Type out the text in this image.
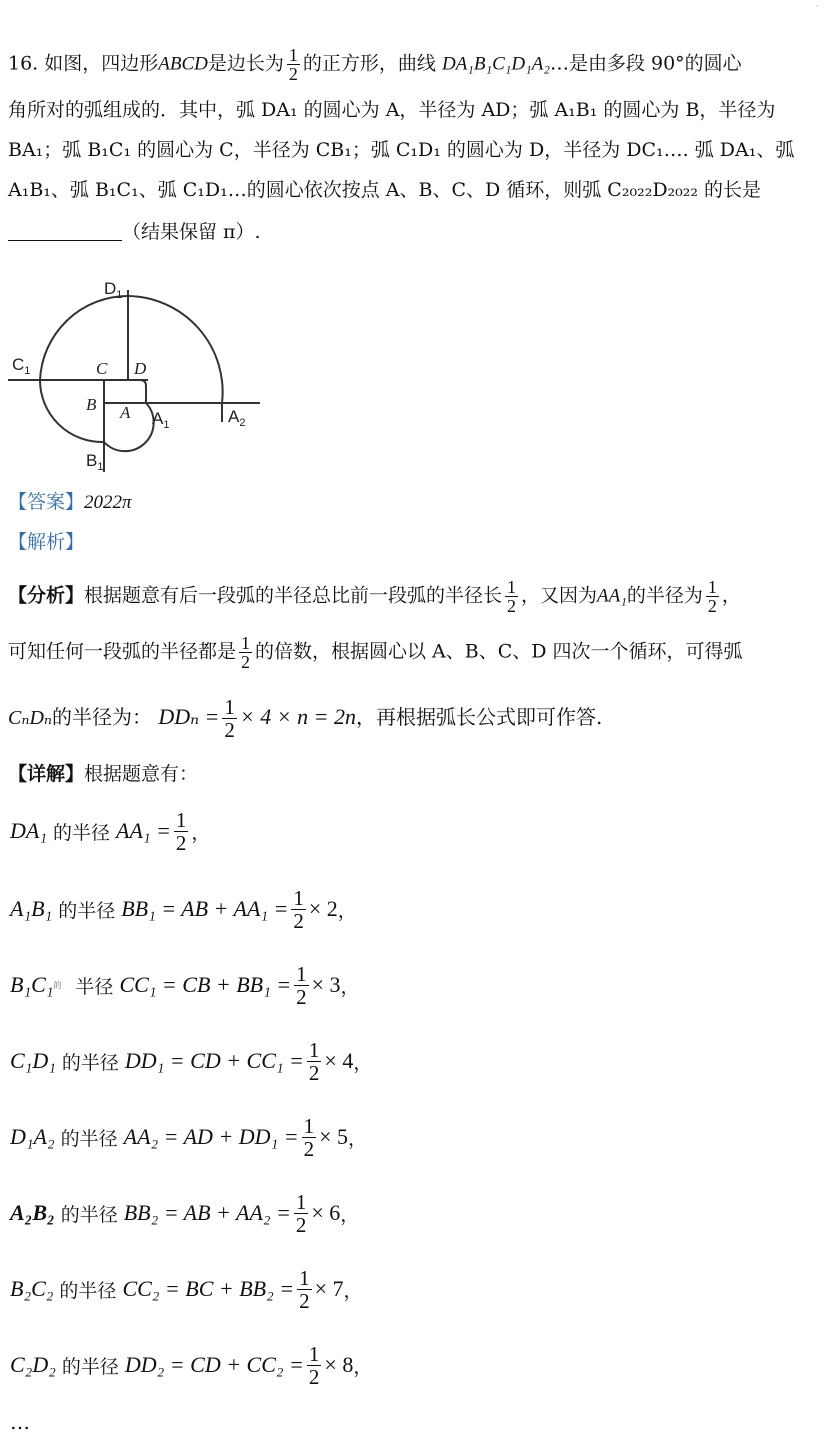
·
16. 如图，四边形ABCD是边长为 $\frac{1}{2}$ 的正方形，曲线 DA₁B₁C₁D₁A₂…是由多段 90°的圆心
角所对的弧组成的．其中，弧 DA₁ 的圆心为 A，半径为 AD；弧 A₁B₁ 的圆心为 B，半径为
BA₁；弧 B₁C₁ 的圆心为 C，半径为 CB₁；弧 C₁D₁ 的圆心为 D，半径为 DC₁…. 弧 DA₁、弧
A₁B₁、弧 B₁C₁、弧 C₁D₁…的圆心依次按点 A、B、C、D 循环，则弧 C₂₀₂₂D₂₀₂₂ 的长是
（结果保留 π）.
$D_1$
$C_1$
$B_1$
$A_1$	$A_2$
C D
B A
【答案】2022π
【解析】
【分析】根据题意有后一段弧的半径总比前一段弧的半径长 $\frac{1}{2}$ ，又因为AA₁的半径为 $\frac{1}{2}$ ，
可知任何一段弧的半径都是 $\frac{1}{2}$ 的倍数，根据圆心以 A、B、C、D 四次一个循环，可得弧
CₙDₙ的半径为： $DD_n = \frac{1}{2} \times 4 \times n = 2n$，再根据弧长公式即可作答.
【详解】根据题意有：
DA₁ 的半径 $AA_1 = \frac{1}{2}$ ，
A₁B₁ 的半径 BB₁ = AB + $AA_1 = \frac{1}{2} \times 2$ ，
B₁C₁ 的 半径 CC₁ = CB + $BB_1 = \frac{1}{2} \times 3$ ，
C₁D₁ 的半径 DD₁ = CD + $CC_1 = \frac{1}{2} \times 4$ ，
D₁A₂ 的半径 AA₂ = AD + $DD_1 = \frac{1}{2} \times 5$ ，
A₂B₂ 的半径 BB₂ = AB + $AA_2 = \frac{1}{2} \times 6$ ，
B₂C₂ 的半径 CC₂ = BC + $BB_2 = \frac{1}{2} \times 7$ ，
C₂D₂ 的半径 DD₂ = CD + $CC_2 = \frac{1}{2} \times 8$ ，
…
